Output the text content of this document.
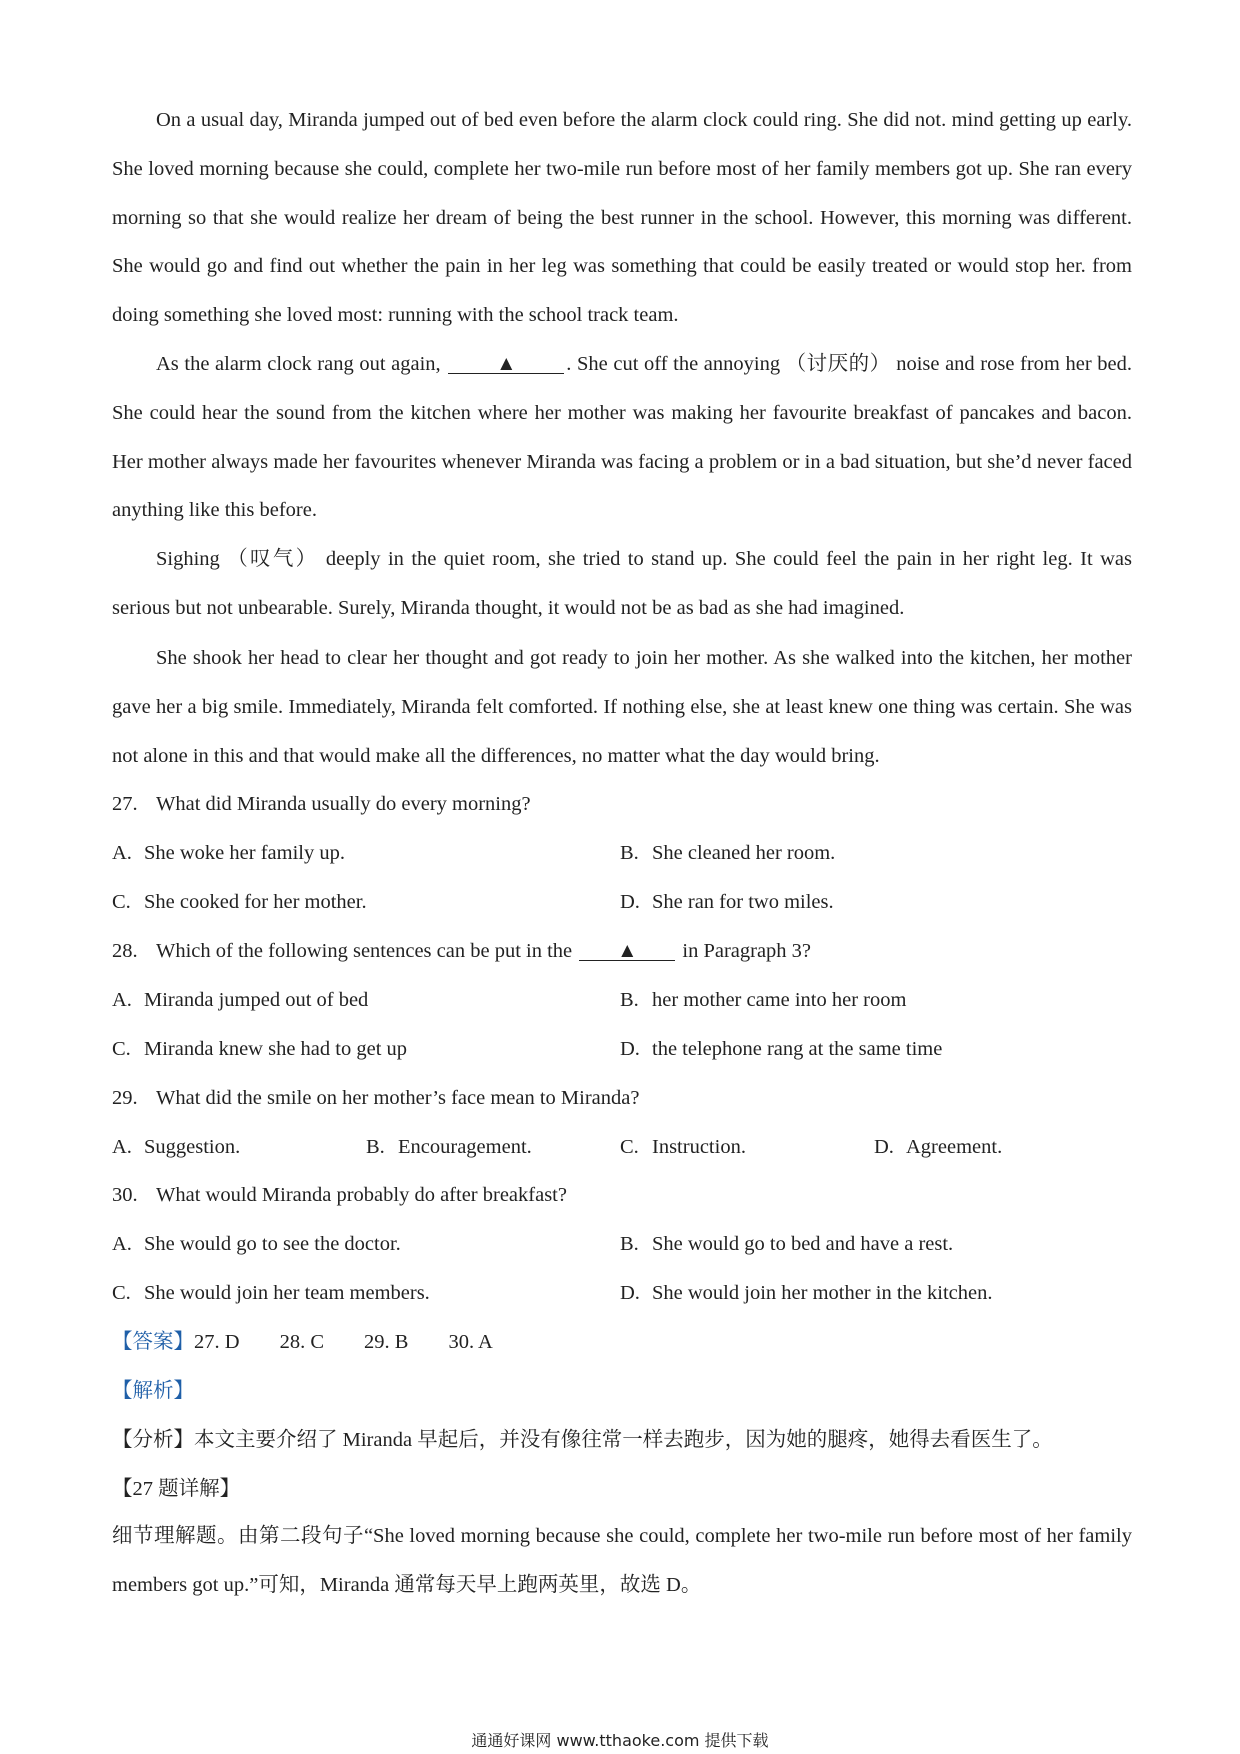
On a usual day, Miranda jumped out of bed even before the alarm clock could ring. She did not. mind getting up early. She loved morning because she could, complete her two-mile run before most of her family members got up. She ran every morning so that she would realize her dream of being the best runner in the school. However, this morning was different. She would go and find out whether the pain in her leg was something that could be easily treated or would stop her. from doing something she loved most: running with the school track team.

As the alarm clock rang out again,	▲ . She cut off the annoying （讨厌的） noise and rose from her bed. She could hear the sound from the kitchen where her mother was making her favourite breakfast of pancakes and bacon. Her mother always made her favourites whenever Miranda was facing a problem or in a bad situation, but she’d never faced anything like this before.

Sighing （叹气） deeply in the quiet room, she tried to stand up. She could feel the pain in her right leg. It was serious but not unbearable. Surely, Miranda thought, it would not be as bad as she had imagined.

She shook her head to clear her thought and got ready to join her mother. As she walked into the kitchen, her mother gave her a big smile. Immediately, Miranda felt comforted. If nothing else, she at least knew one thing was certain. She was not alone in this and that would make all the differences, no matter what the day would bring.

27. What did Miranda usually do every morning?
A. She woke her family up.	B. She cleaned her room.
C. She cooked for her mother.	D. She ran for two miles.
28. Which of the following sentences can be put in the ▲ in Paragraph 3?
A. Miranda jumped out of bed	B. her mother came into her room
C. Miranda knew she had to get up	D. the telephone rang at the same time
29. What did the smile on her mother’s face mean to Miranda?
A. Suggestion.	B. Encouragement.	C. Instruction.	D. Agreement.
30. What would Miranda probably do after breakfast?
A. She would go to see the doctor.	B. She would go to bed and have a rest.
C. She would join her team members.	D. She would join her mother in the kitchen.
【答案】27. D 28. C 29. B 30. A
【解析】
【分析】本文主要介绍了 Miranda 早起后，并没有像往常一样去跑步，因为她的腿疼，她得去看医生了。
【27 题详解】

细节理解题。由第二段句子“She loved morning because she could, complete her two-mile run before most of her family members got up.”可知，Miranda 通常每天早上跑两英里，故选 D。

通通好课网 www.tthaoke.com 提供下载
